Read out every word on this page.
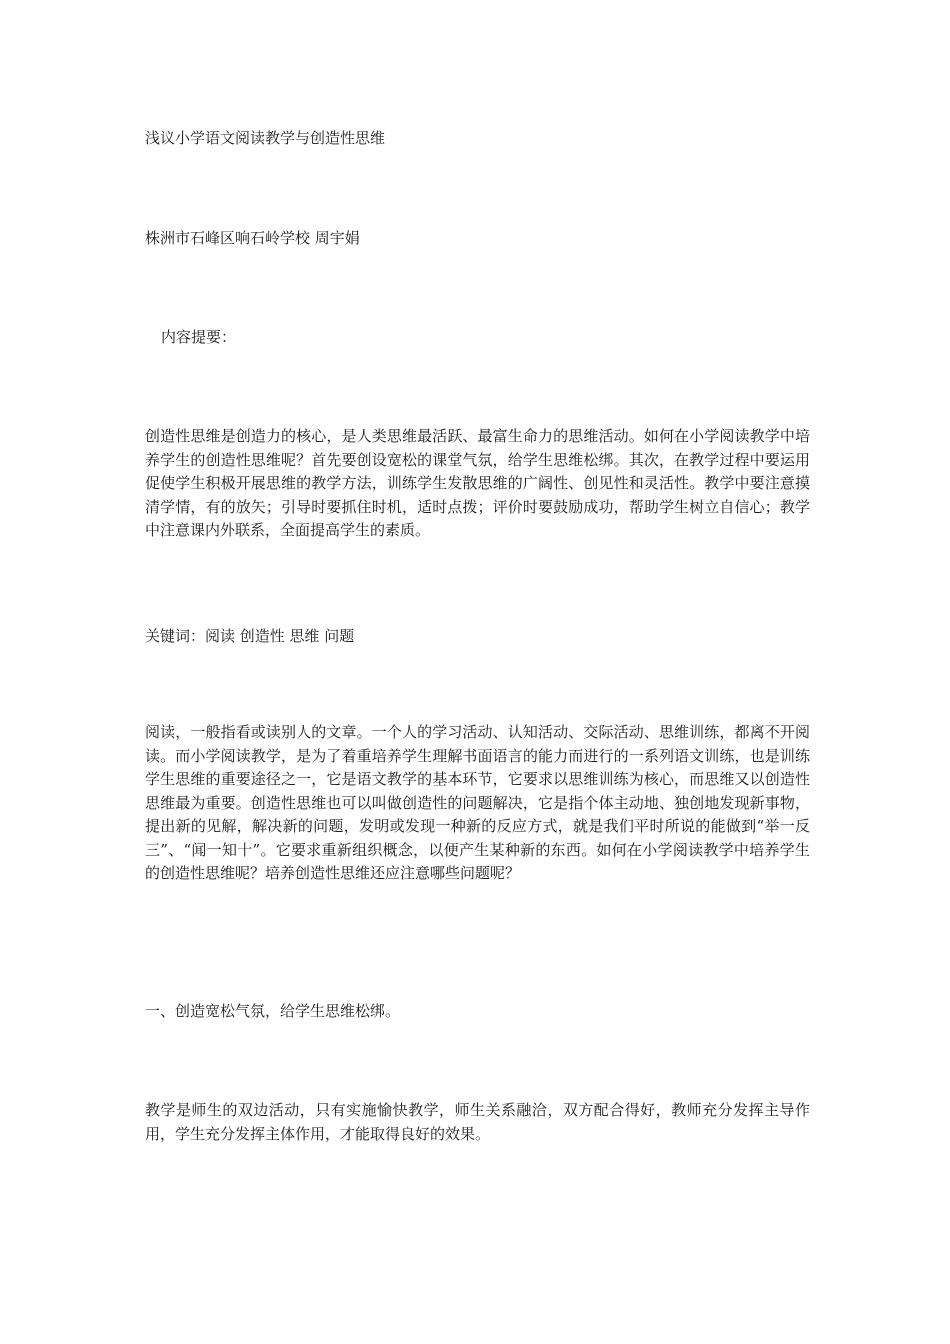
浅议小学语文阅读教学与创造性思维

株洲市石峰区响石岭学校 周宇娟

内容提要：

创造性思维是创造力的核心，是人类思维最活跃、最富生命力的思维活动。如何在小学阅读教学中培养学生的创造性思维呢？首先要创设宽松的课堂气氛，给学生思维松绑。其次，在教学过程中要运用促使学生积极开展思维的教学方法，训练学生发散思维的广阔性、创见性和灵活性。教学中要注意摸清学情，有的放矢；引导时要抓住时机，适时点拨；评价时要鼓励成功，帮助学生树立自信心；教学中注意课内外联系，全面提高学生的素质。

关键词：阅读 创造性 思维 问题

阅读，一般指看或读别人的文章。一个人的学习活动、认知活动、交际活动、思维训练，都离不开阅读。而小学阅读教学，是为了着重培养学生理解书面语言的能力而进行的一系列语文训练，也是训练学生思维的重要途径之一，它是语文教学的基本环节，它要求以思维训练为核心，而思维又以创造性思维最为重要。创造性思维也可以叫做创造性的问题解决，它是指个体主动地、独创地发现新事物，提出新的见解，解决新的问题，发明或发现一种新的反应方式，就是我们平时所说的能做到“举一反三”、“闻一知十”。它要求重新组织概念，以便产生某种新的东西。如何在小学阅读教学中培养学生的创造性思维呢？培养创造性思维还应注意哪些问题呢？

一、创造宽松气氛，给学生思维松绑。

教学是师生的双边活动，只有实施愉快教学，师生关系融洽，双方配合得好，教师充分发挥主导作用，学生充分发挥主体作用，才能取得良好的效果。
